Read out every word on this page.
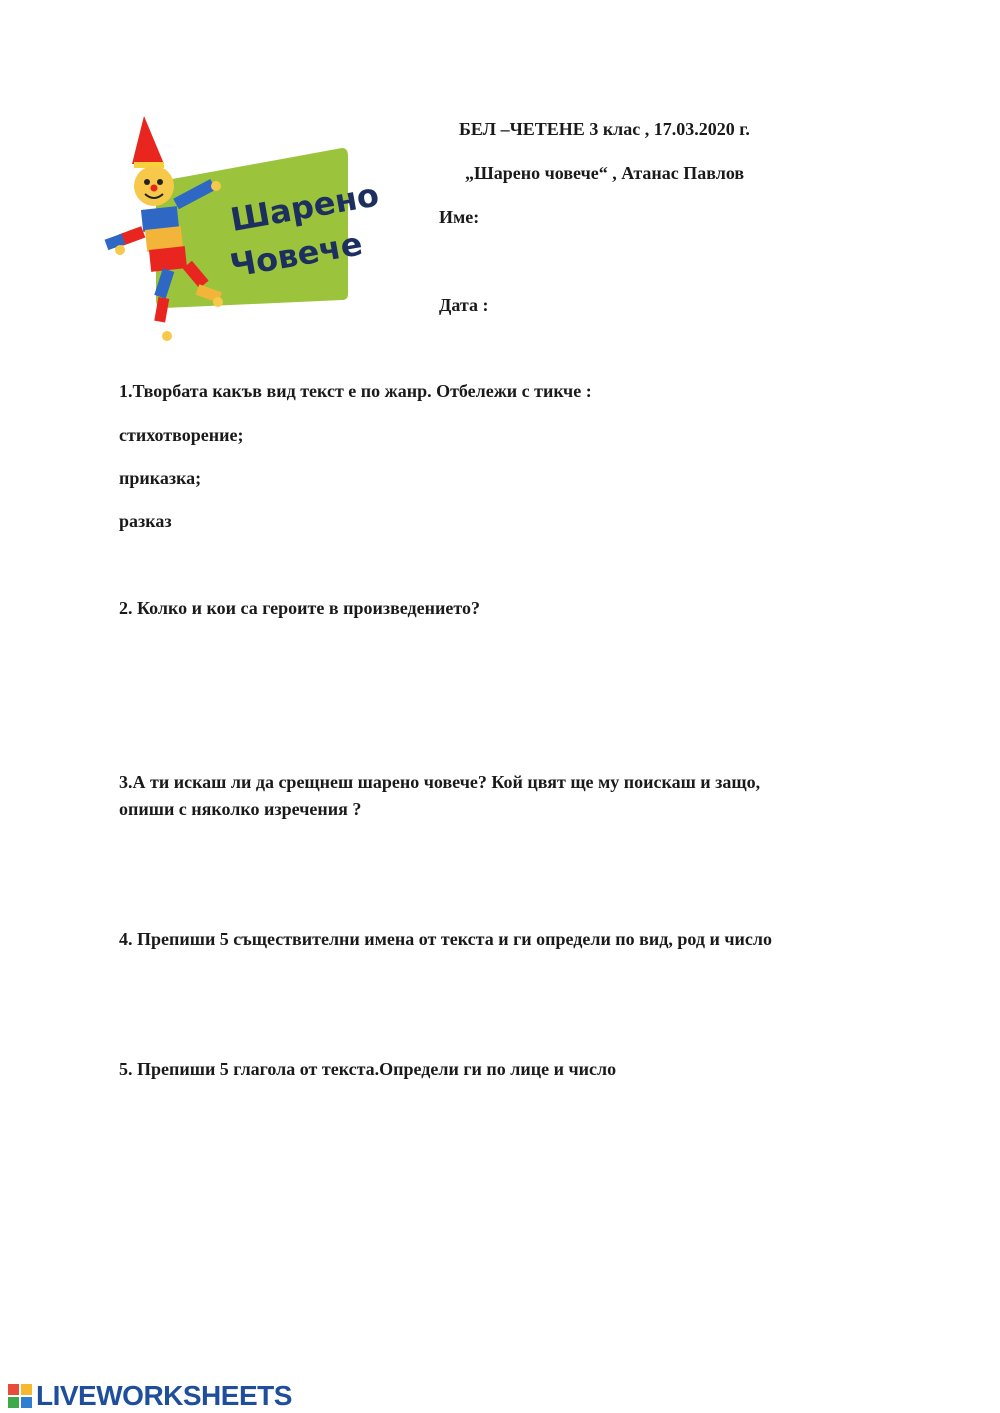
Шарено
Човече
БЕЛ –ЧЕТЕНЕ 3 клас , 17.03.2020 г.
„Шарено човече“ , Атанас Павлов
Име:
Дата :
1.Творбата какъв вид текст е по жанр. Отбележи с тикче :
стихотворение;
приказка;
разказ
2. Колко и кои са героите в произведението?
3.А ти искаш ли да срещнеш шарено човече? Кой цвят ще му поискаш и защо,
опиши с няколко изречения ?
4. Препиши 5 съществителни имена от текста и ги определи по вид, род и число
5. Препиши 5 глагола от текста.Определи ги по лице и число
LIVEWORKSHEETS
